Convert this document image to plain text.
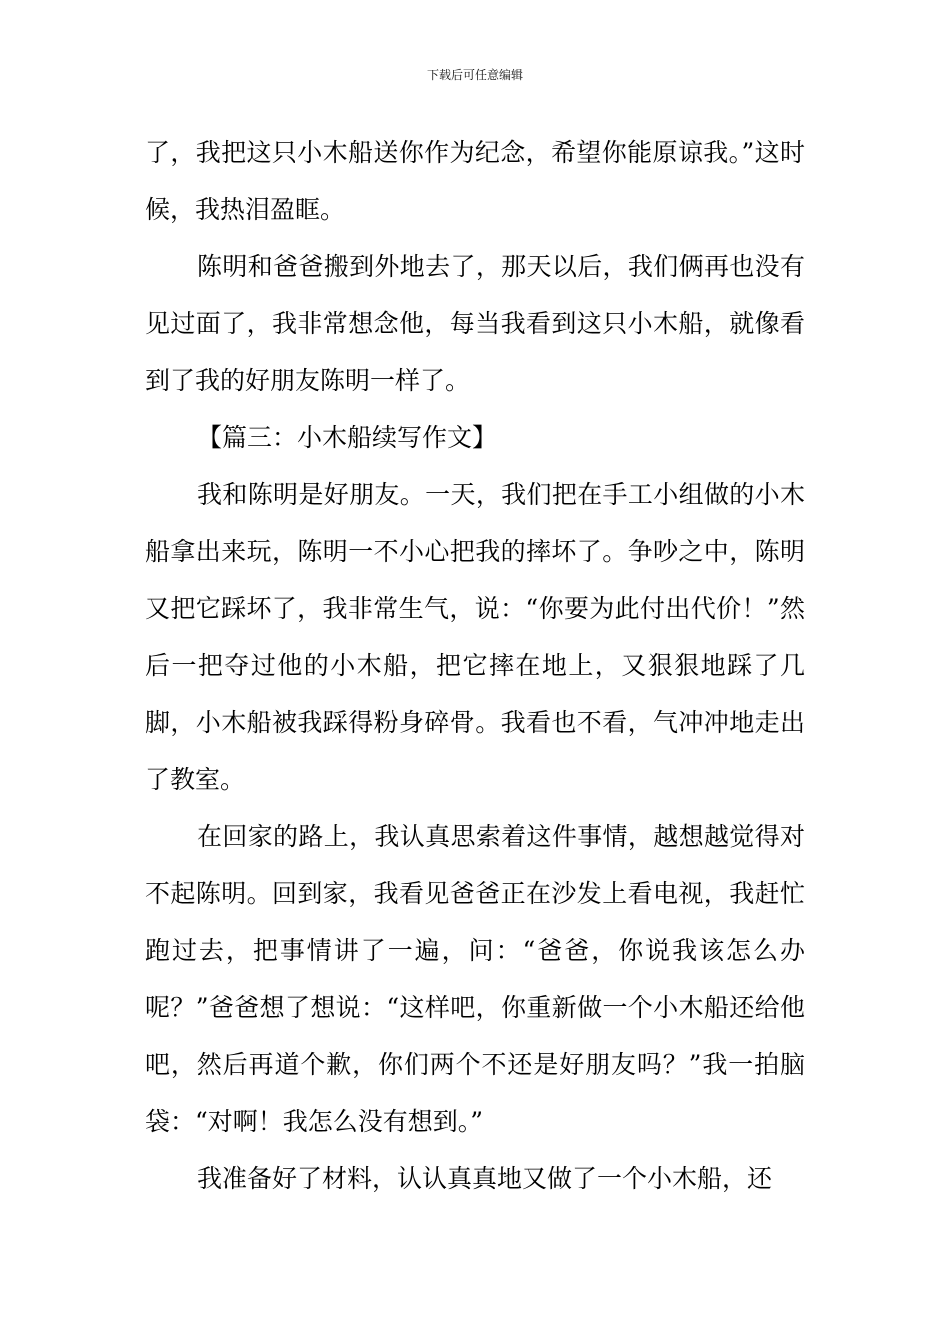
下载后可任意编辑

了，我把这只小木船送你作为纪念，希望你能原谅我。”这时候，我热泪盈眶。

陈明和爸爸搬到外地去了，那天以后，我们俩再也没有见过面了，我非常想念他，每当我看到这只小木船，就像看到了我的好朋友陈明一样了。

【篇三：小木船续写作文】

我和陈明是好朋友。一天，我们把在手工小组做的小木船拿出来玩，陈明一不小心把我的摔坏了。争吵之中，陈明又把它踩坏了，我非常生气，说：“你要为此付出代价！”然后一把夺过他的小木船，把它摔在地上，又狠狠地踩了几脚，小木船被我踩得粉身碎骨。我看也不看，气冲冲地走出了教室。

在回家的路上，我认真思索着这件事情，越想越觉得对不起陈明。回到家，我看见爸爸正在沙发上看电视，我赶忙跑过去，把事情讲了一遍，问：“爸爸，你说我该怎么办呢？”爸爸想了想说：“这样吧，你重新做一个小木船还给他吧，然后再道个歉，你们两个不还是好朋友吗？”我一拍脑袋：“对啊！我怎么没有想到。”

我准备好了材料，认认真真地又做了一个小木船，还
